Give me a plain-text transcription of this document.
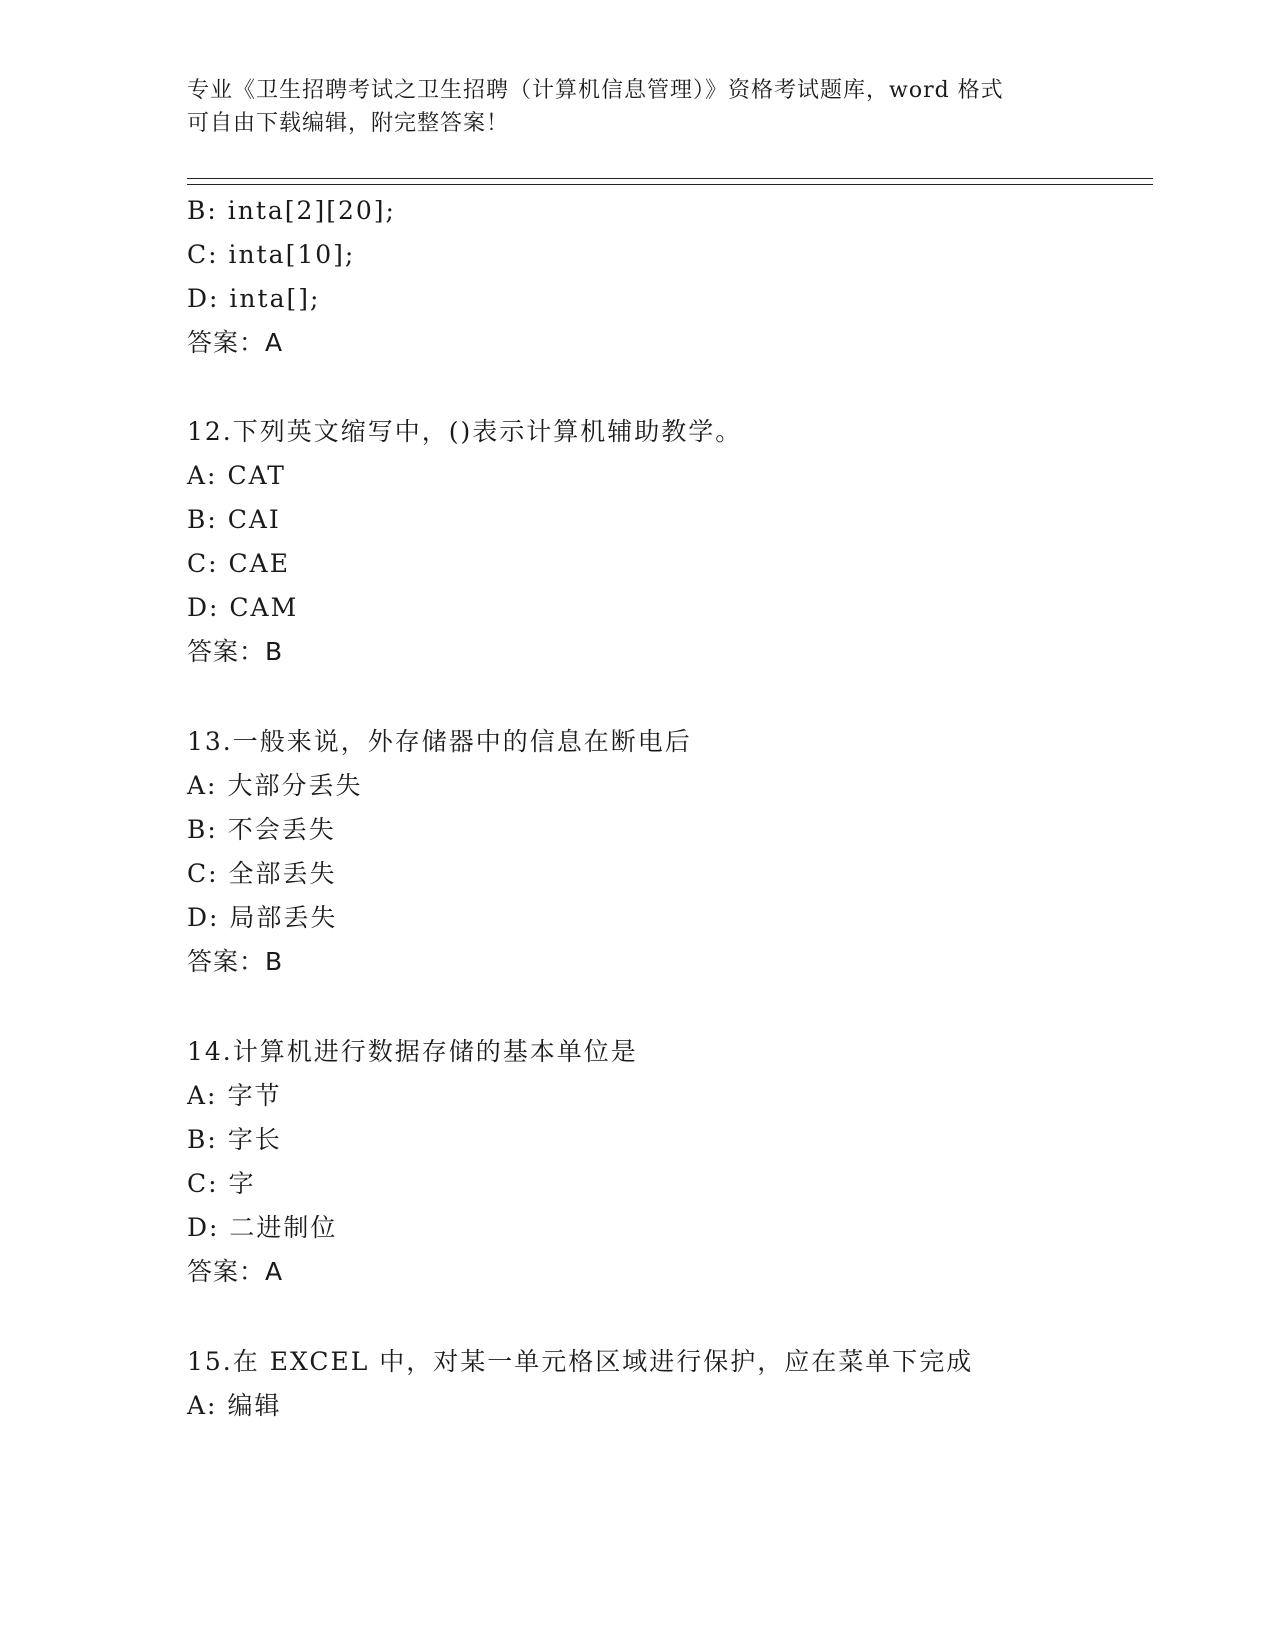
专业《卫生招聘考试之卫生招聘（计算机信息管理）》资格考试题库，word 格式
可自由下载编辑，附完整答案！
B: inta[2][20];
C: inta[10];
D: inta[];
答案：A
12.下列英文缩写中，()表示计算机辅助教学。
A: CAT
B: CAI
C: CAE
D: CAM
答案：B
13.一般来说，外存储器中的信息在断电后
A: 大部分丢失
B: 不会丢失
C: 全部丢失
D: 局部丢失
答案：B
14.计算机进行数据存储的基本单位是
A: 字节
B: 字长
C: 字
D: 二进制位
答案：A
15.在 EXCEL 中，对某一单元格区域进行保护，应在菜单下完成
A: 编辑
